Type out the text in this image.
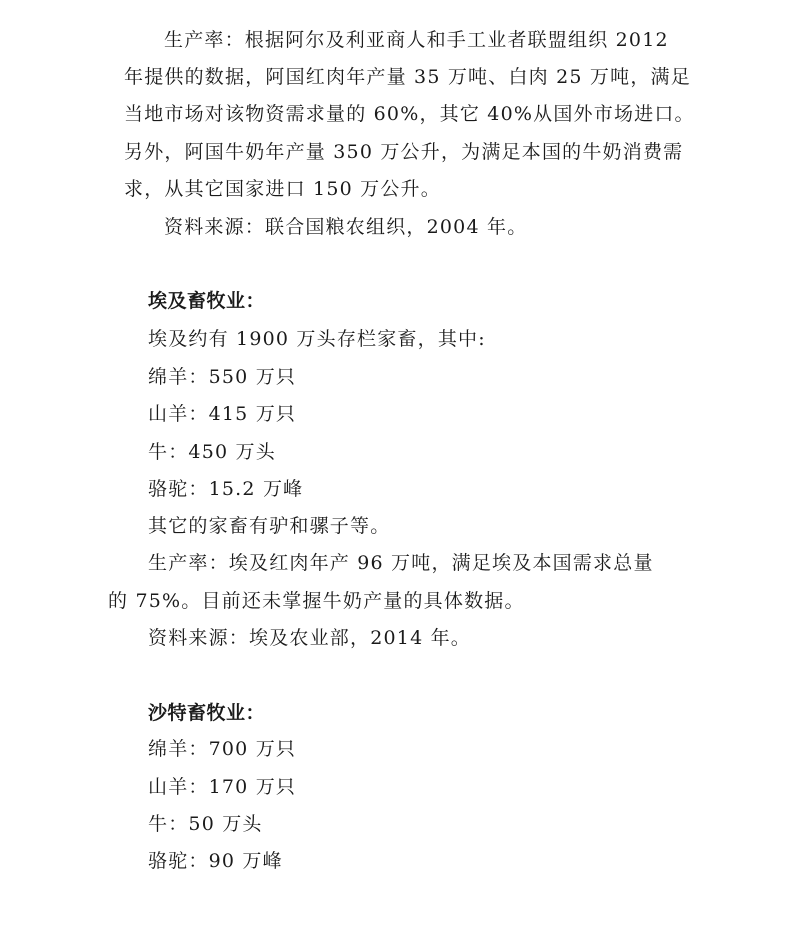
生产率：根据阿尔及利亚商人和手工业者联盟组织 2012
年提供的数据，阿国红肉年产量 35 万吨、白肉 25 万吨，满足
当地市场对该物资需求量的 60%，其它 40%从国外市场进口。
另外，阿国牛奶年产量 350 万公升，为满足本国的牛奶消费需
求，从其它国家进口 150 万公升。
资料来源：联合国粮农组织，2004 年。
埃及畜牧业：
埃及约有 1900 万头存栏家畜，其中:
绵羊：550 万只
山羊：415 万只
牛：450 万头
骆驼：15.2 万峰
其它的家畜有驴和骡子等。
生产率：埃及红肉年产 96 万吨，满足埃及本国需求总量
的 75%。目前还未掌握牛奶产量的具体数据。
资料来源：埃及农业部，2014 年。
沙特畜牧业：
绵羊：700 万只
山羊：170 万只
牛：50 万头
骆驼：90 万峰
